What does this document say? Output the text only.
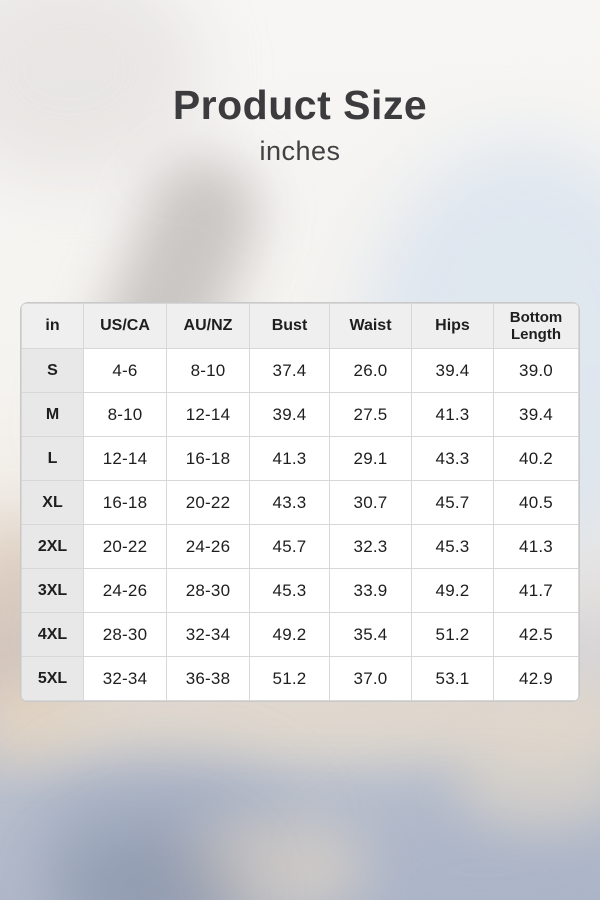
Product Size
inches
in	US/CA	AU/NZ	Bust	Waist	Hips	Bottom Length
S	4-6	8-10	37.4	26.0	39.4	39.0
M	8-10	12-14	39.4	27.5	41.3	39.4
L	12-14	16-18	41.3	29.1	43.3	40.2
XL	16-18	20-22	43.3	30.7	45.7	40.5
2XL	20-22	24-26	45.7	32.3	45.3	41.3
3XL	24-26	28-30	45.3	33.9	49.2	41.7
4XL	28-30	32-34	49.2	35.4	51.2	42.5
5XL	32-34	36-38	51.2	37.0	53.1	42.9
